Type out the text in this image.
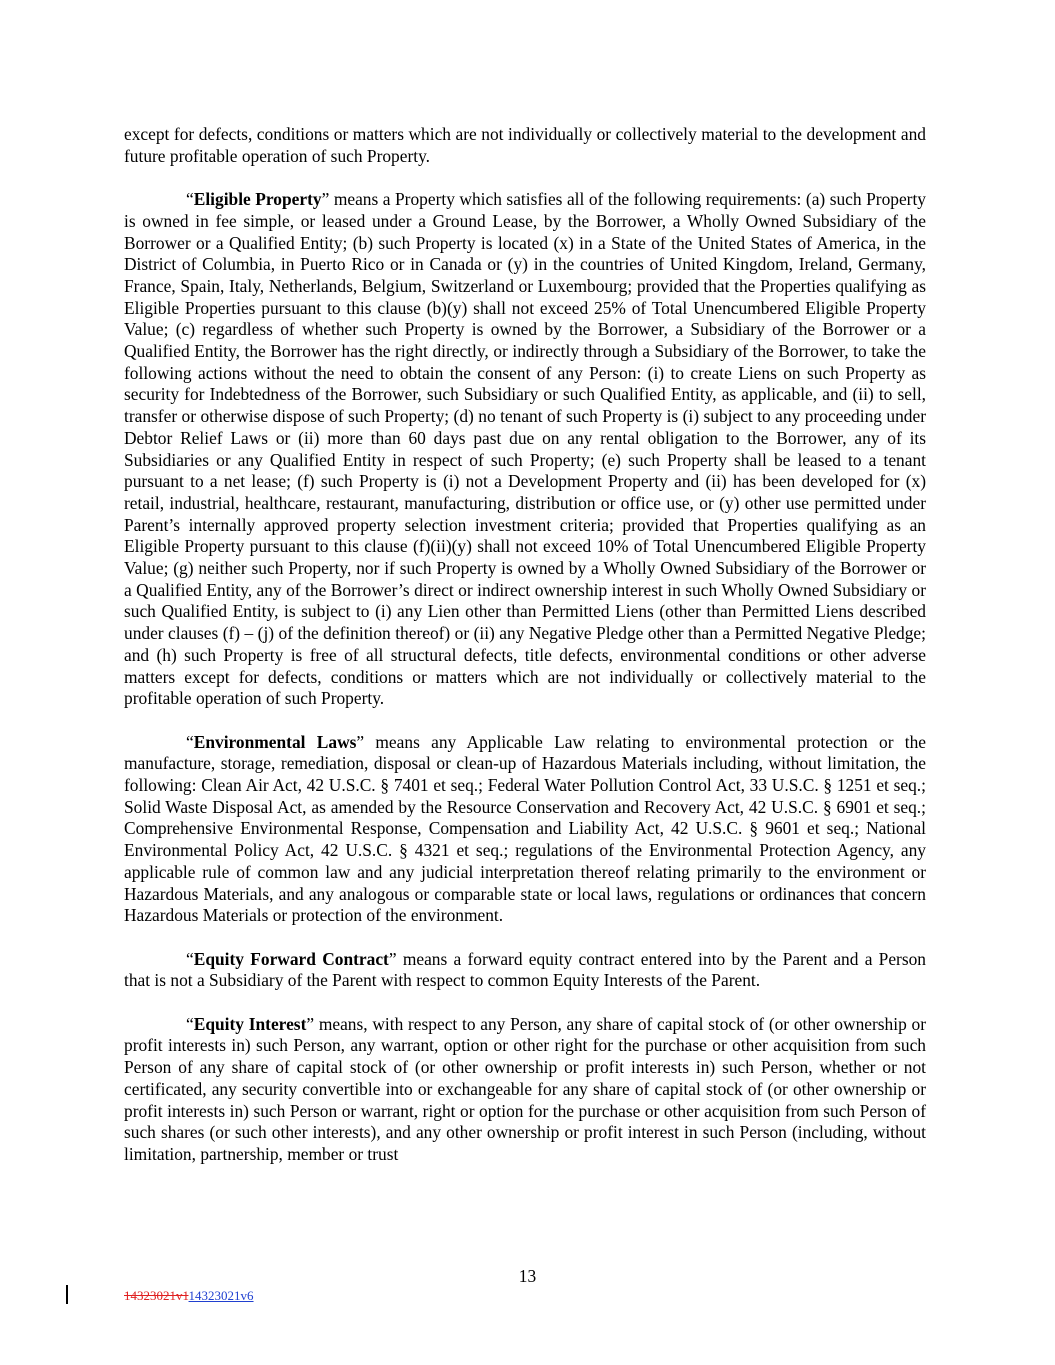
except for defects, conditions or matters which are not individually or collectively material to the development and future profitable operation of such Property.

“Eligible Property” means a Property which satisfies all of the following requirements: (a) such Property is owned in fee simple, or leased under a Ground Lease, by the Borrower, a Wholly Owned Subsidiary of the Borrower or a Qualified Entity; (b) such Property is located (x) in a State of the United States of America, in the District of Columbia, in Puerto Rico or in Canada or (y) in the countries of United Kingdom, Ireland, Germany, France, Spain, Italy, Netherlands, Belgium, Switzerland or Luxembourg; provided that the Properties qualifying as Eligible Properties pursuant to this clause (b)(y) shall not exceed 25% of Total Unencumbered Eligible Property Value; (c) regardless of whether such Property is owned by the Borrower, a Subsidiary of the Borrower or a Qualified Entity, the Borrower has the right directly, or indirectly through a Subsidiary of the Borrower, to take the following actions without the need to obtain the consent of any Person: (i) to create Liens on such Property as security for Indebtedness of the Borrower, such Subsidiary or such Qualified Entity, as applicable, and (ii) to sell, transfer or otherwise dispose of such Property; (d) no tenant of such Property is (i) subject to any proceeding under Debtor Relief Laws or (ii) more than 60 days past due on any rental obligation to the Borrower, any of its Subsidiaries or any Qualified Entity in respect of such Property; (e) such Property shall be leased to a tenant pursuant to a net lease; (f) such Property is (i) not a Development Property and (ii) has been developed for (x) retail, industrial, healthcare, restaurant, manufacturing, distribution or office use, or (y) other use permitted under Parent’s internally approved property selection investment criteria; provided that Properties qualifying as an Eligible Property pursuant to this clause (f)(ii)(y) shall not exceed 10% of Total Unencumbered Eligible Property Value; (g) neither such Property, nor if such Property is owned by a Wholly Owned Subsidiary of the Borrower or a Qualified Entity, any of the Borrower’s direct or indirect ownership interest in such Wholly Owned Subsidiary or such Qualified Entity, is subject to (i) any Lien other than Permitted Liens (other than Permitted Liens described under clauses (f) – (j) of the definition thereof) or (ii) any Negative Pledge other than a Permitted Negative Pledge; and (h) such Property is free of all structural defects, title defects, environmental conditions or other adverse matters except for defects, conditions or matters which are not individually or collectively material to the profitable operation of such Property.

“Environmental Laws” means any Applicable Law relating to environmental protection or the manufacture, storage, remediation, disposal or clean-up of Hazardous Materials including, without limitation, the following: Clean Air Act, 42 U.S.C. § 7401 et seq.; Federal Water Pollution Control Act, 33 U.S.C. § 1251 et seq.; Solid Waste Disposal Act, as amended by the Resource Conservation and Recovery Act, 42 U.S.C. § 6901 et seq.; Comprehensive Environmental Response, Compensation and Liability Act, 42 U.S.C. § 9601 et seq.; National Environmental Policy Act, 42 U.S.C. § 4321 et seq.; regulations of the Environmental Protection Agency, any applicable rule of common law and any judicial interpretation thereof relating primarily to the environment or Hazardous Materials, and any analogous or comparable state or local laws, regulations or ordinances that concern Hazardous Materials or protection of the environment.

“Equity Forward Contract” means a forward equity contract entered into by the Parent and a Person that is not a Subsidiary of the Parent with respect to common Equity Interests of the Parent.

“Equity Interest” means, with respect to any Person, any share of capital stock of (or other ownership or profit interests in) such Person, any warrant, option or other right for the purchase or other acquisition from such Person of any share of capital stock of (or other ownership or profit interests in) such Person, whether or not certificated, any security convertible into or exchangeable for any share of capital stock of (or other ownership or profit interests in) such Person or warrant, right or option for the purchase or other acquisition from such Person of such shares (or such other interests), and any other ownership or profit interest in such Person (including, without limitation, partnership, member or trust

13
14323021v114323021v6
